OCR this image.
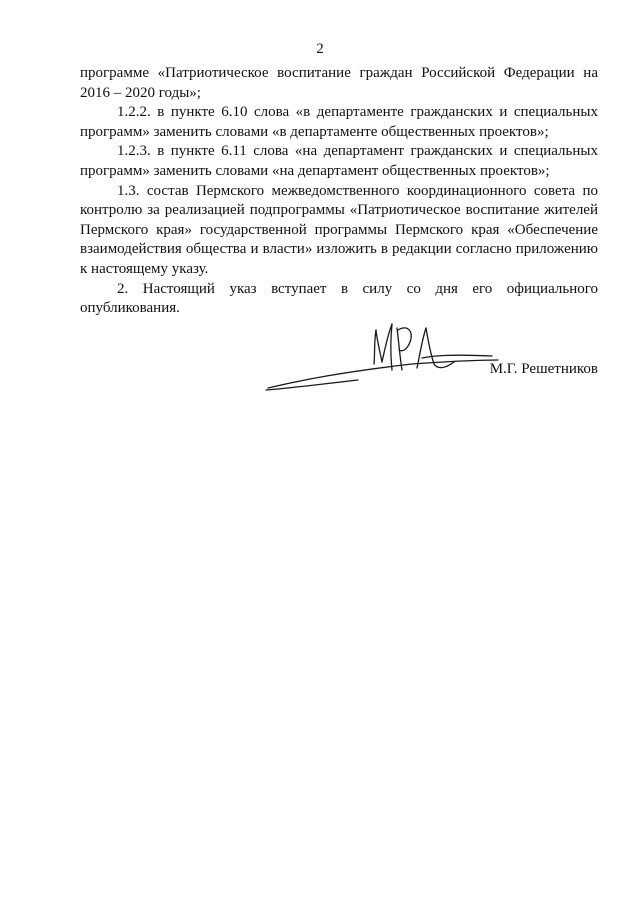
2

программе «Патриотическое воспитание граждан Российской Федерации на 2016 – 2020 годы»;

1.2.2. в пункте 6.10 слова «в департаменте гражданских и специальных программ» заменить словами «в департаменте общественных проектов»;

1.2.3. в пункте 6.11 слова «на департамент гражданских и специальных программ» заменить словами «на департамент общественных проектов»;

1.3. состав Пермского межведомственного координационного совета по контролю за реализацией подпрограммы «Патриотическое воспитание жителей Пермского края» государственной программы Пермского края «Обеспечение взаимодействия общества и власти» изложить в редакции согласно приложению к настоящему указу.

2. Настоящий указ вступает в силу со дня его официального опубликования.

М.Г. Решетников
